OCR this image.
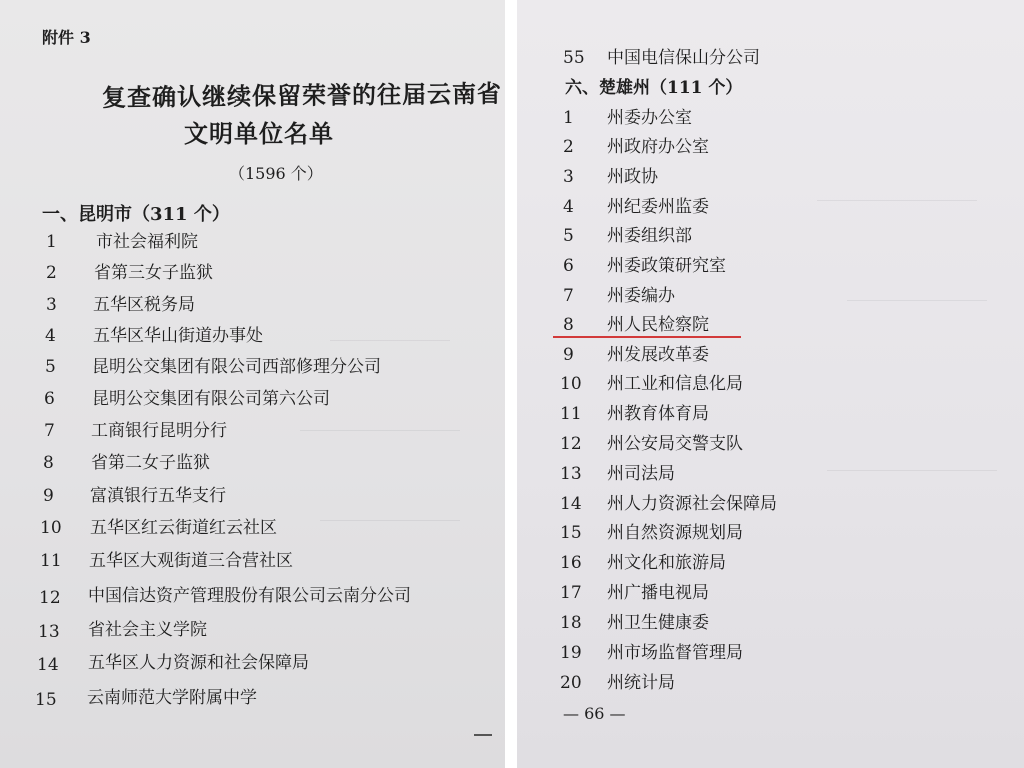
附件 3
复查确认继续保留荣誉的往届云南省
文明单位名单
（1596 个）
一、昆明市（311 个）
1 市社会福利院
2 省第三女子监狱
3 五华区税务局
4 五华区华山街道办事处
5 昆明公交集团有限公司西部修理分公司
6 昆明公交集团有限公司第六公司
7 工商银行昆明分行
8 省第二女子监狱
9 富滇银行五华支行
10 五华区红云街道红云社区
11 五华区大观街道三合营社区
12 中国信达资产管理股份有限公司云南分公司
13 省社会主义学院
14 五华区人力资源和社会保障局
15 云南师范大学附属中学
55 中国电信保山分公司
六、楚雄州（111 个）
1 州委办公室
2 州政府办公室
3 州政协
4 州纪委州监委
5 州委组织部
6 州委政策研究室
7 州委编办
8 州人民检察院
9 州发展改革委
10 州工业和信息化局
11 州教育体育局
12 州公安局交警支队
13 州司法局
14 州人力资源社会保障局
15 州自然资源规划局
16 州文化和旅游局
17 州广播电视局
18 州卫生健康委
19 州市场监督管理局
20 州统计局
— 66 —
